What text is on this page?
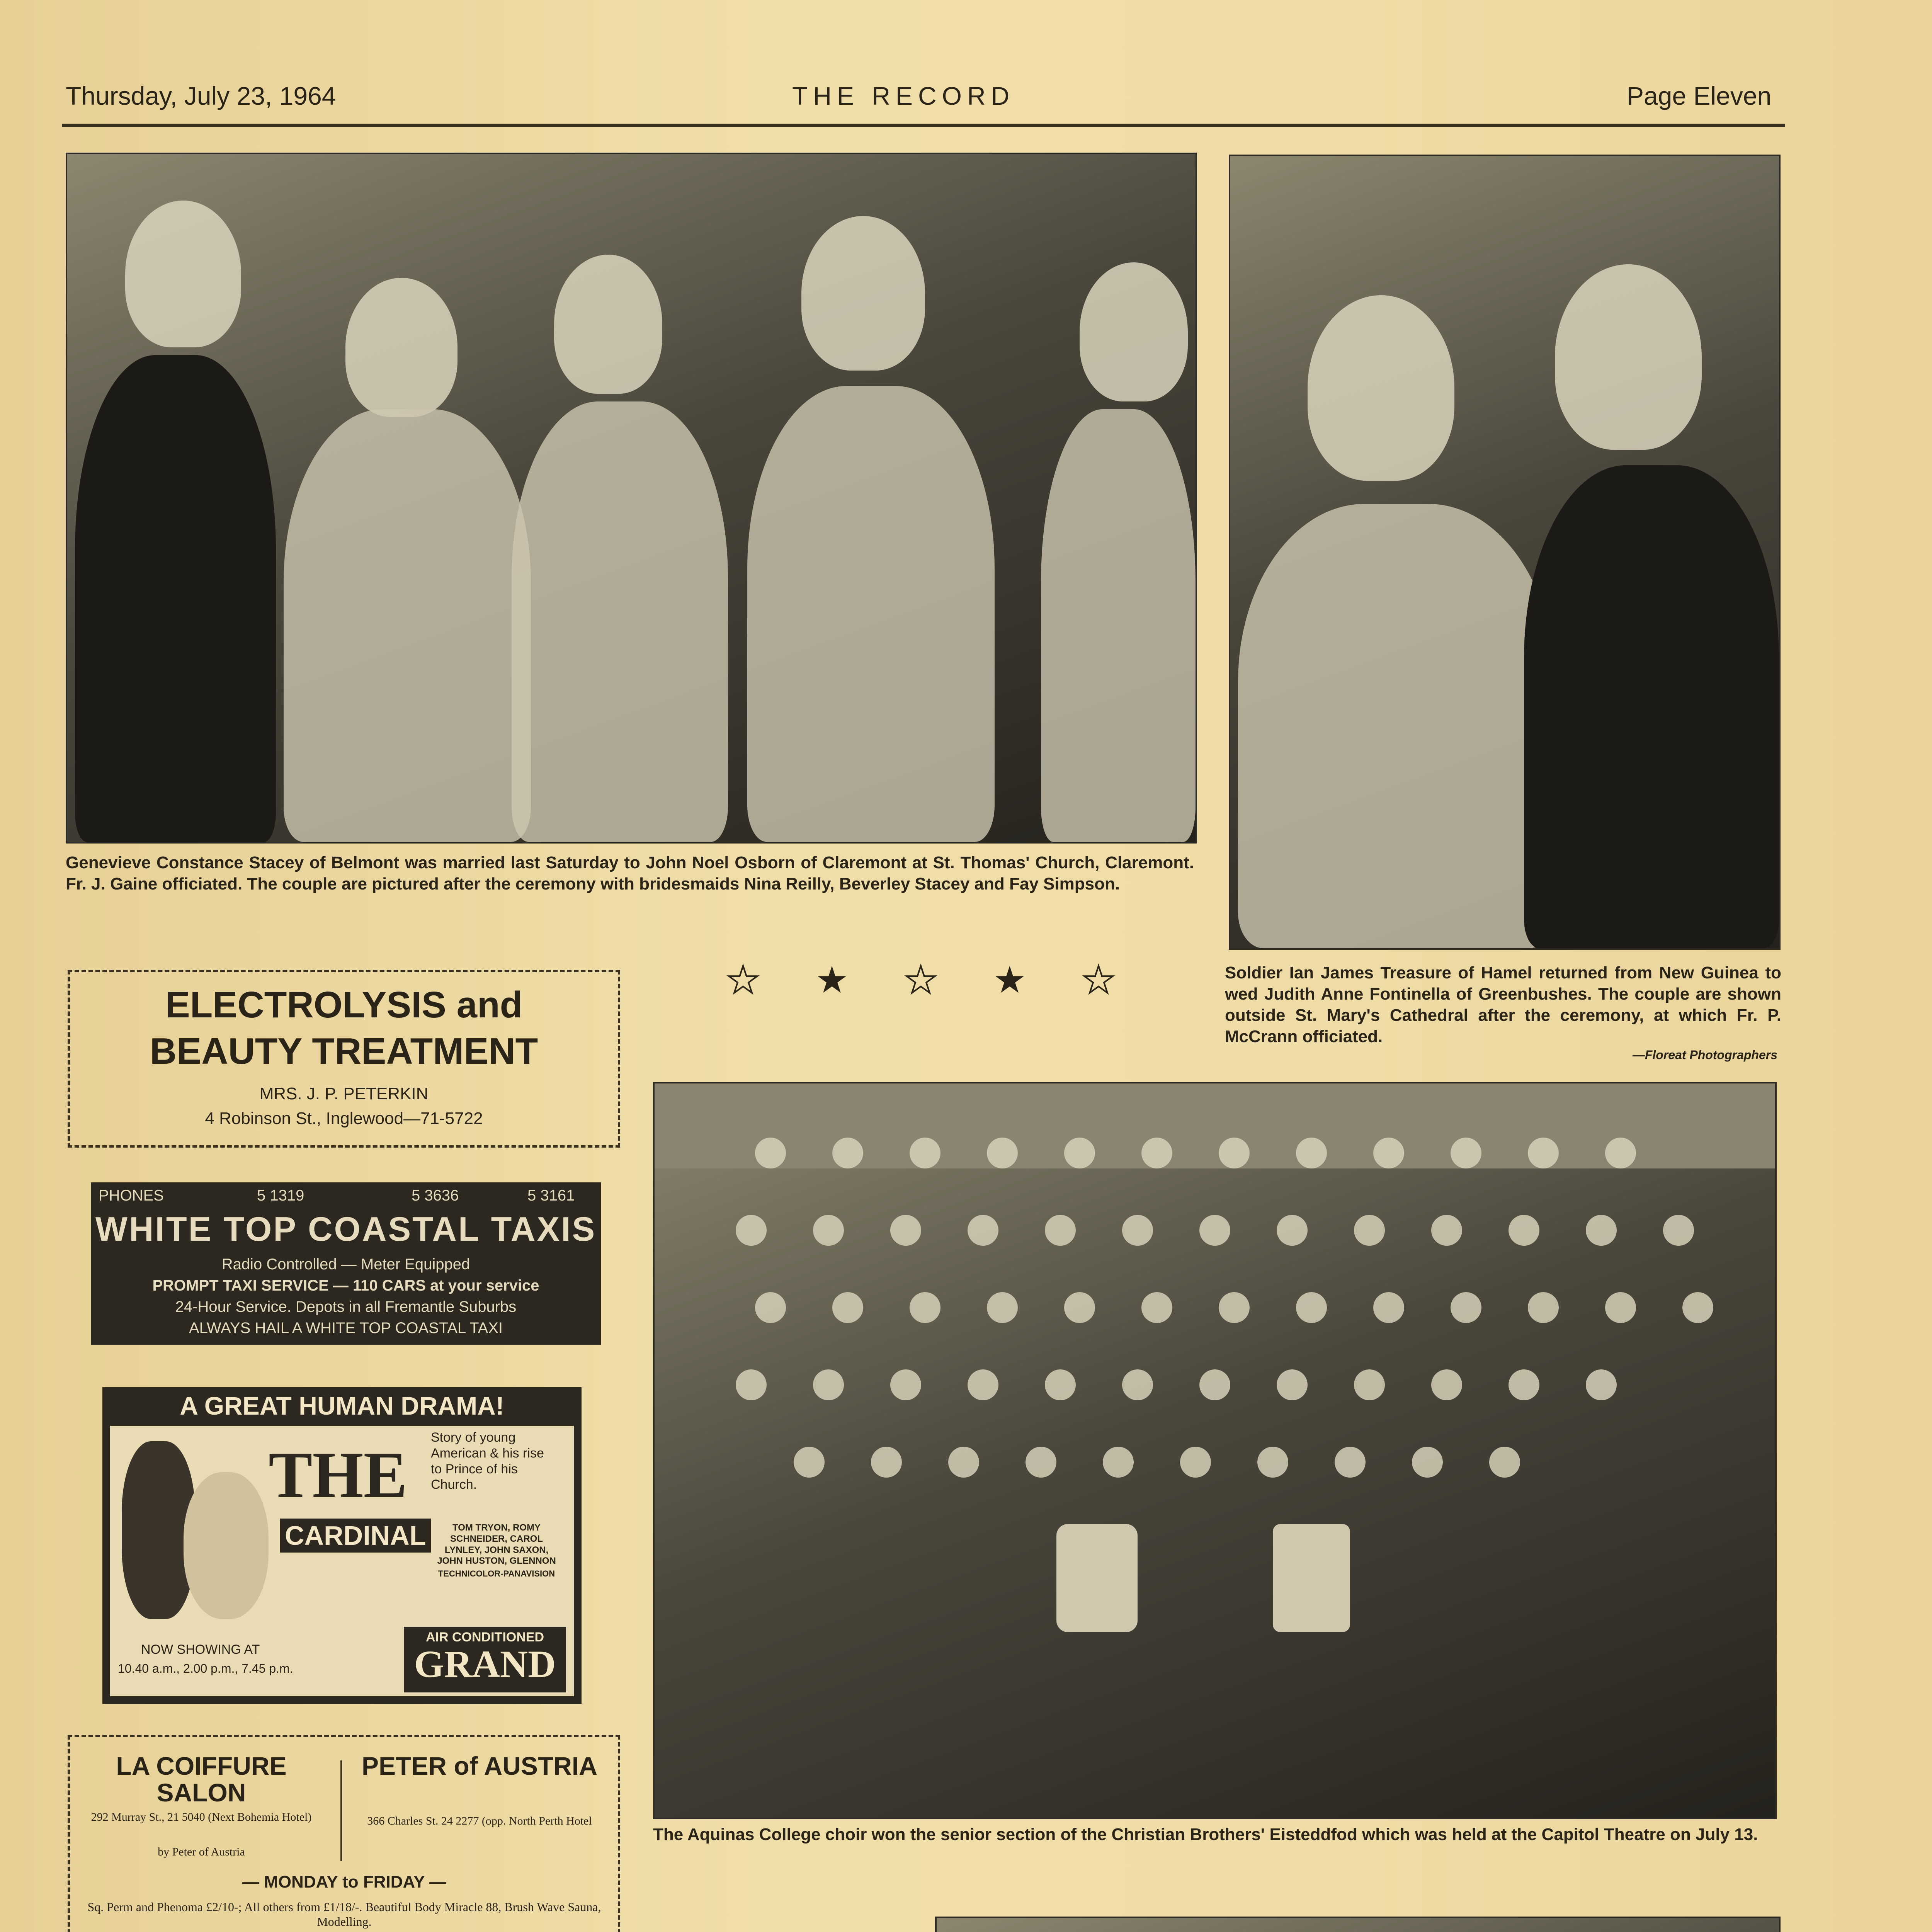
Thursday, July 23, 1964	THE RECORD	Page Eleven
Genevieve Constance Stacey of Belmont was married last Saturday to John Noel Osborn of Claremont at St. Thomas' Church, Claremont. Fr. J. Gaine officiated. The couple are pictured after the ceremony with bridesmaids Nina Reilly, Beverley Stacey and Fay Simpson.
Soldier Ian James Treasure of Hamel returned from New Guinea to wed Judith Anne Fontinella of Greenbushes. The couple are shown outside St. Mary's Cathedral after the ceremony, at which Fr. P. McCrann officiated.
—Floreat Photographers
★ ★ ★ ★ ★
ELECTROLYSIS and
BEAUTY TREATMENT
MRS. J. P. PETERKIN
4 Robinson St., Inglewood—71-5722
PHONES	5 1319	5 3636	5 3161
WHITE TOP COASTAL TAXIS
Radio Controlled — Meter Equipped
PROMPT TAXI SERVICE — 110 CARS at your service
24-Hour Service. Depots in all Fremantle Suburbs
ALWAYS HAIL A WHITE TOP COASTAL TAXI
A GREAT HUMAN DRAMA!
THE
CARDINAL
Story of young American & his rise to Prince of his Church.
TOM TRYON, ROMY SCHNEIDER, CAROL LYNLEY, JOHN SAXON, JOHN HUSTON, GLENNON
TECHNICOLOR-PANAVISION
NOW SHOWING AT
10.40 a.m., 2.00 p.m., 7.45 p.m.
AIR CONDITIONED
GRAND
LA COIFFURE SALON
292 Murray St., 21 5040 (Next Bohemia Hotel)
by Peter of Austria
PETER of AUSTRIA
366 Charles St. 24 2277 (opp. North Perth Hotel
— MONDAY to FRIDAY —
Sq. Perm and Phenoma £2/10-; All others from £1/18/-. Beautiful Body Miracle 88, Brush Wave Sauna, Modelling.
The Aquinas College choir won the senior section of the Christian Brothers' Eisteddfod which was held at the Capitol Theatre on July 13.
